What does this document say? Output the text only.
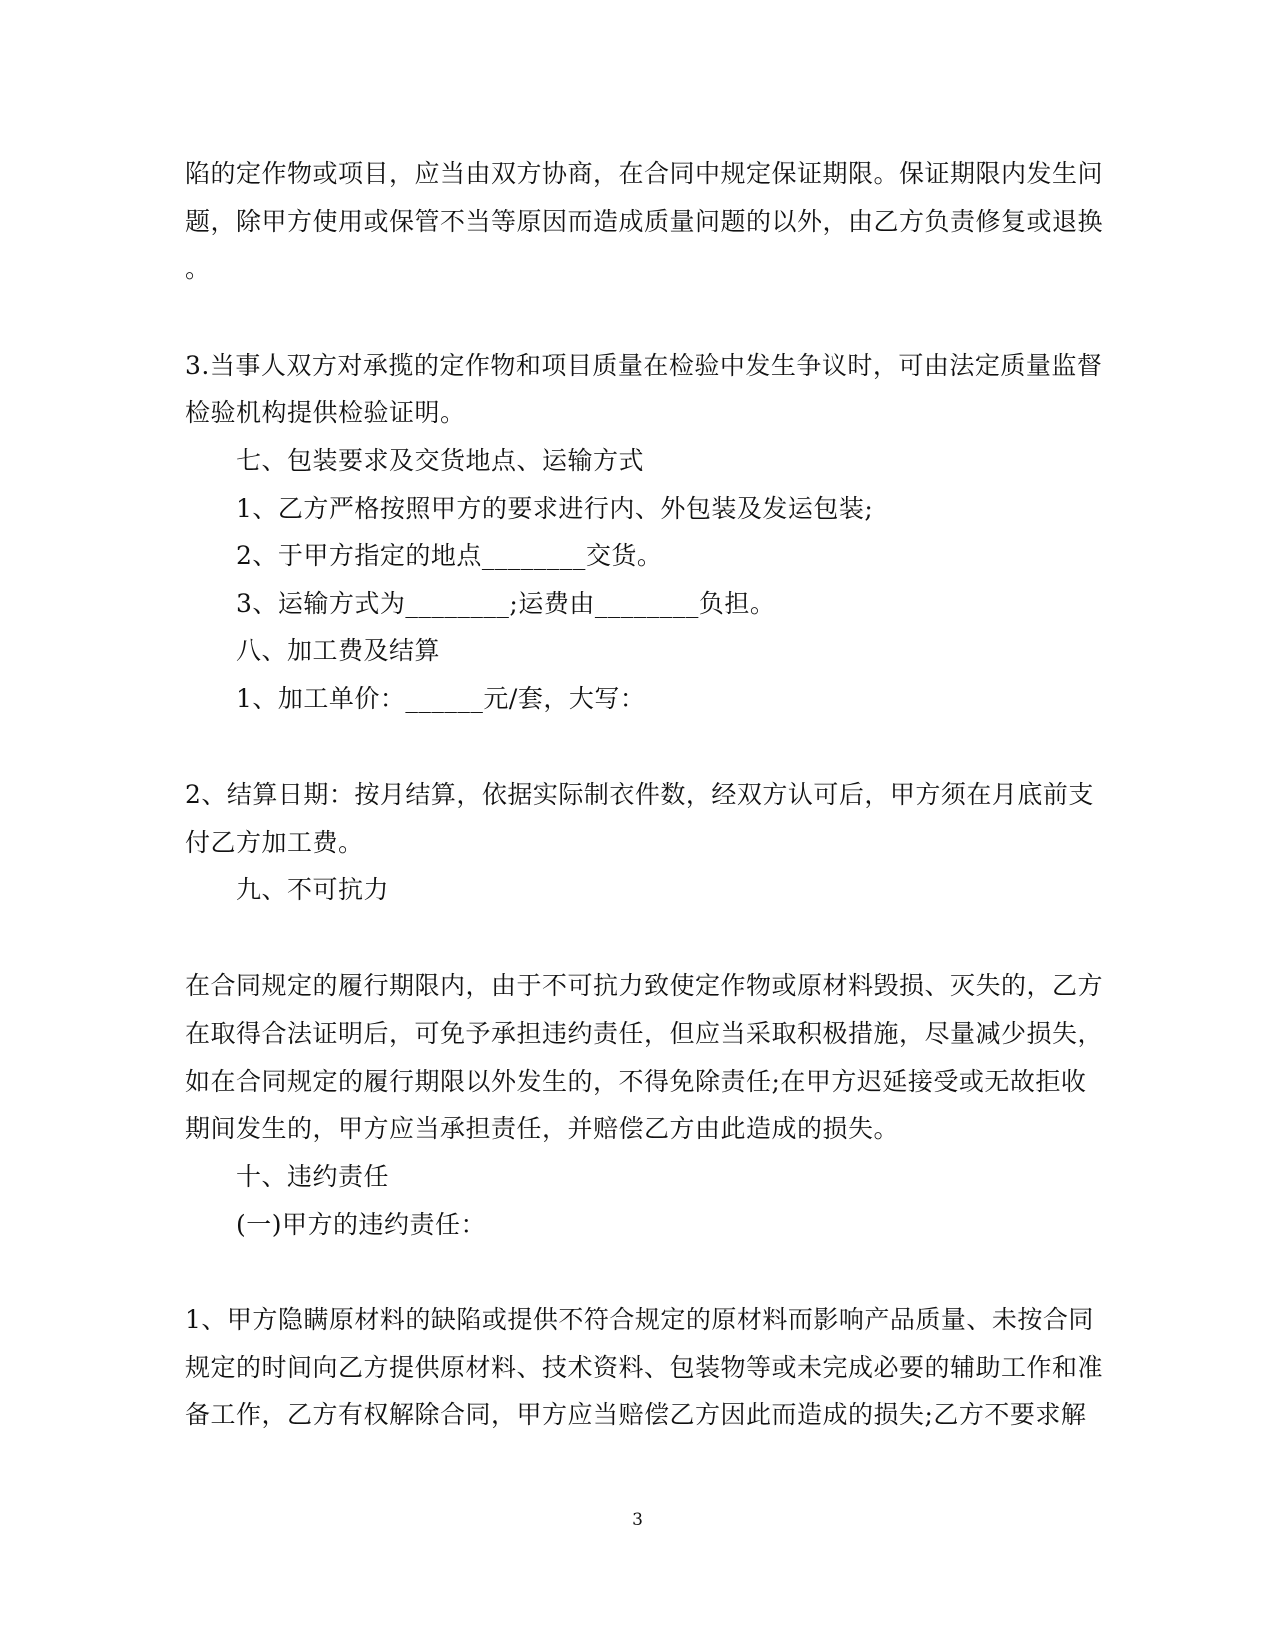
陷的定作物或项目，应当由双方协商，在合同中规定保证期限。保证期限内发生问
题，除甲方使用或保管不当等原因而造成质量问题的以外，由乙方负责修复或退换
。
3.当事人双方对承揽的定作物和项目质量在检验中发生争议时，可由法定质量监督
检验机构提供检验证明。
七、包装要求及交货地点、运输方式
1、乙方严格按照甲方的要求进行内、外包装及发运包装;
2、于甲方指定的地点________交货。
3、运输方式为________;运费由________负担。
八、加工费及结算
1、加工单价：______元/套，大写：
2、结算日期：按月结算，依据实际制衣件数，经双方认可后，甲方须在月底前支
付乙方加工费。
九、不可抗力
在合同规定的履行期限内，由于不可抗力致使定作物或原材料毁损、灭失的，乙方
在取得合法证明后，可免予承担违约责任，但应当采取积极措施，尽量减少损失，
如在合同规定的履行期限以外发生的，不得免除责任;在甲方迟延接受或无故拒收
期间发生的，甲方应当承担责任，并赔偿乙方由此造成的损失。
十、违约责任
(一)甲方的违约责任：
1、甲方隐瞒原材料的缺陷或提供不符合规定的原材料而影响产品质量、未按合同
规定的时间向乙方提供原材料、技术资料、包装物等或未完成必要的辅助工作和准
备工作，乙方有权解除合同，甲方应当赔偿乙方因此而造成的损失;乙方不要求解
3
